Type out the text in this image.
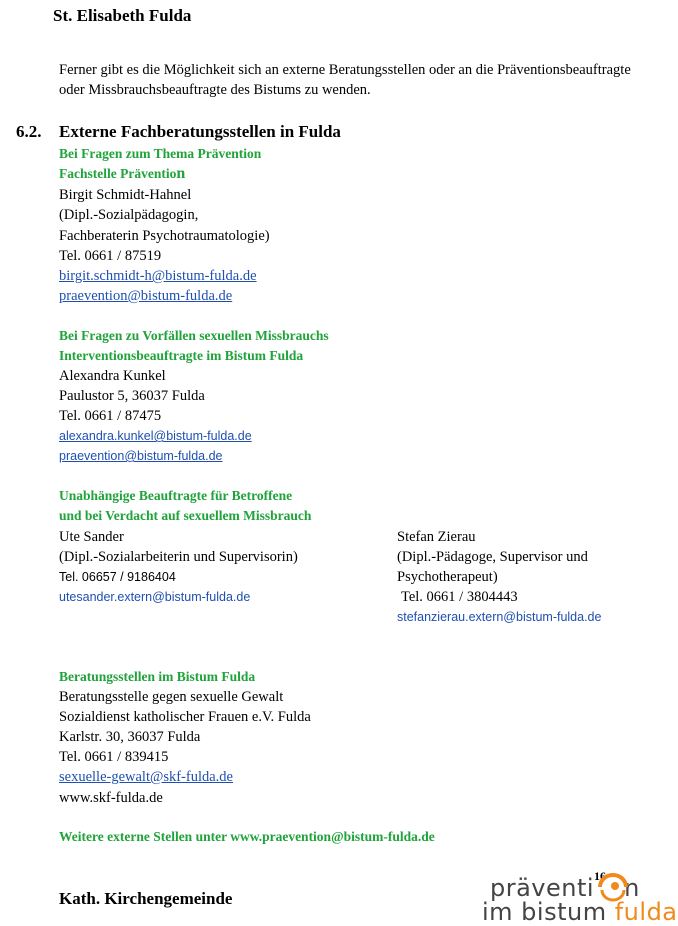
St. Elisabeth Fulda
Ferner gibt es die Möglichkeit sich an externe Beratungsstellen oder an die Präventionsbeauftragte
oder Missbrauchsbeauftragte des Bistums zu wenden.
6.2. Externe Fachberatungsstellen in Fulda
Bei Fragen zum Thema Prävention
Fachstelle Prävention
Birgit Schmidt-Hahnel
(Dipl.-Sozialpädagogin,
Fachberaterin Psychotraumatologie)
Tel. 0661 / 87519
birgit.schmidt-h@bistum-fulda.de
praevention@bistum-fulda.de
Bei Fragen zu Vorfällen sexuellen Missbrauchs
Interventionsbeauftragte im Bistum Fulda
Alexandra Kunkel
Paulustor 5, 36037 Fulda
Tel. 0661 / 87475
alexandra.kunkel@bistum-fulda.de
praevention@bistum-fulda.de
Unabhängige Beauftragte für Betroffene
und bei Verdacht auf sexuellem Missbrauch
Ute Sander
(Dipl.-Sozialarbeiterin und Supervisorin)
Tel. 06657 / 9186404
utesander.extern@bistum-fulda.de
Stefan Zierau
(Dipl.-Pädagoge, Supervisor und
Psychotherapeut)
Tel. 0661 / 3804443
stefanzierau.extern@bistum-fulda.de
Beratungsstellen im Bistum Fulda
Beratungsstelle gegen sexuelle Gewalt
Sozialdienst katholischer Frauen e.V. Fulda
Karlstr. 30, 36037 Fulda
Tel. 0661 / 839415
sexuelle-gewalt@skf-fulda.de
www.skf-fulda.de
Weitere externe Stellen unter www.praevention@bistum-fulda.de
Kath. Kirchengemeinde
16
präventi n
im bistum fulda
